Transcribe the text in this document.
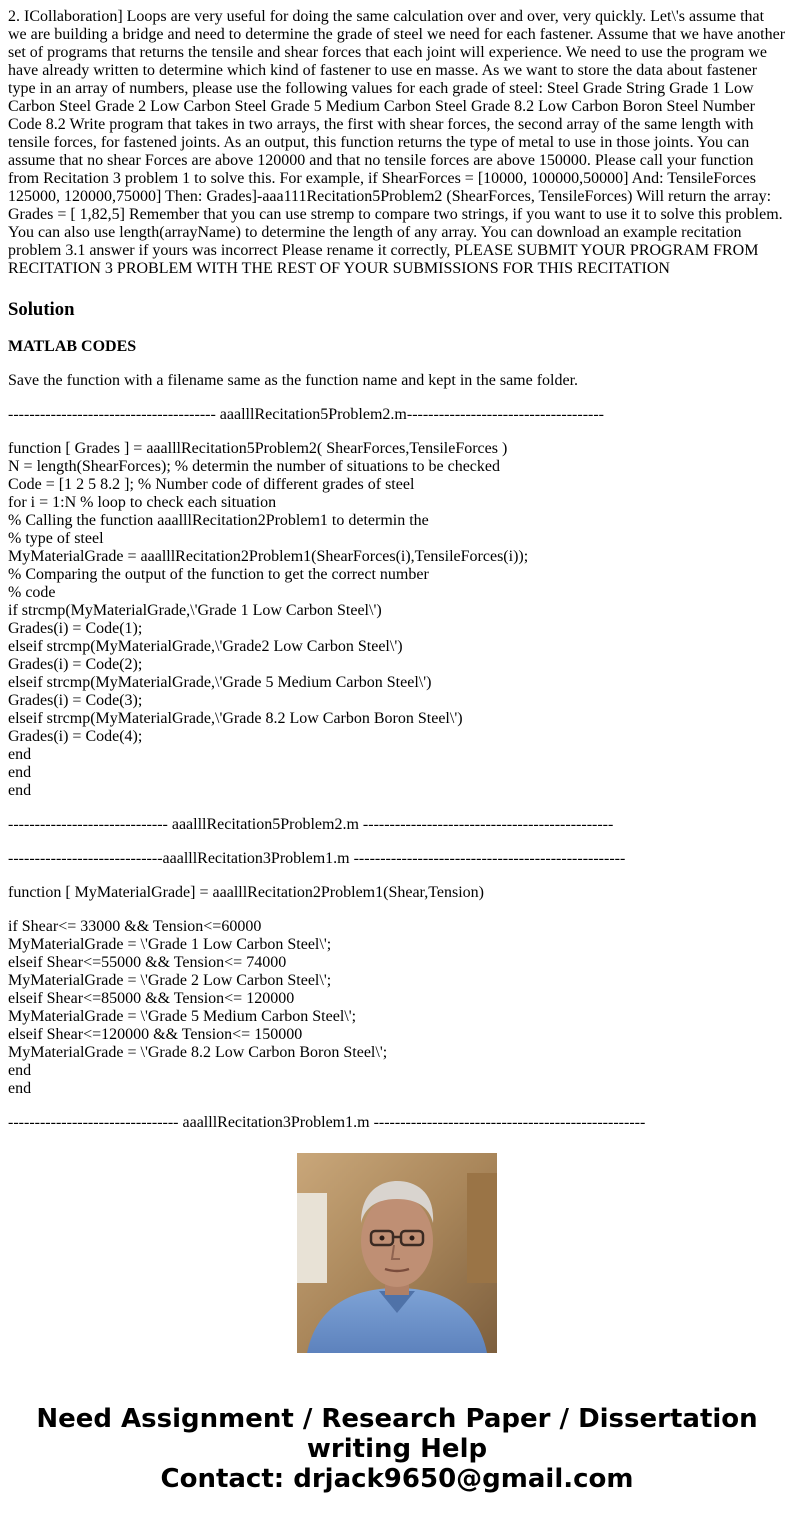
2. ICollaboration] Loops are very useful for doing the same calculation over and over, very quickly. Let\'s assume that we are building a bridge and need to determine the grade of steel we need for each fastener. Assume that we have another set of programs that returns the tensile and shear forces that each joint will experience. We need to use the program we have already written to determine which kind of fastener to use en masse. As we want to store the data about fastener type in an array of numbers, please use the following values for each grade of steel: Steel Grade String Grade 1 Low Carbon Steel Grade 2 Low Carbon Steel Grade 5 Medium Carbon Steel Grade 8.2 Low Carbon Boron Steel Number Code 8.2 Write program that takes in two arrays, the first with shear forces, the second array of the same length with tensile forces, for fastened joints. As an output, this function returns the type of metal to use in those joints. You can assume that no shear Forces are above 120000 and that no tensile forces are above 150000. Please call your function from Recitation 3 problem 1 to solve this. For example, if ShearForces = [10000, 100000,50000] And: TensileForces 125000, 120000,75000] Then: Grades]-aaa111Recitation5Problem2 (ShearForces, TensileForces) Will return the array: Grades = [ 1,82,5] Remember that you can use stremp to compare two strings, if you want to use it to solve this problem. You can also use length(arrayName) to determine the length of any array. You can download an example recitation problem 3.1 answer if yours was incorrect Please rename it correctly, PLEASE SUBMIT YOUR PROGRAM FROM RECITATION 3 PROBLEM WITH THE REST OF YOUR SUBMISSIONS FOR THIS RECITATION

Solution

MATLAB CODES

Save the function with a filename same as the function name and kept in the same folder.

--------------------------------------- aaalllRecitation5Problem2.m-------------------------------------
function [ Grades ] = aaalllRecitation5Problem2( ShearForces,TensileForces )
N = length(ShearForces); % determin the number of situations to be checked
Code = [1 2 5 8.2 ]; % Number code of different grades of steel
for i = 1:N % loop to check each situation
% Calling the function aaalllRecitation2Problem1 to determin the
% type of steel
MyMaterialGrade = aaalllRecitation2Problem1(ShearForces(i),TensileForces(i));
% Comparing the output of the function to get the correct number
% code
if strcmp(MyMaterialGrade,\'Grade 1 Low Carbon Steel\')
Grades(i) = Code(1);
elseif strcmp(MyMaterialGrade,\'Grade2 Low Carbon Steel\')
Grades(i) = Code(2);
elseif strcmp(MyMaterialGrade,\'Grade 5 Medium Carbon Steel\')
Grades(i) = Code(3);
elseif strcmp(MyMaterialGrade,\'Grade 8.2 Low Carbon Boron Steel\')
Grades(i) = Code(4);
end
end
end
------------------------------ aaalllRecitation5Problem2.m -----------------------------------------------
-----------------------------aaalllRecitation3Problem1.m ---------------------------------------------------
function [ MyMaterialGrade] = aaalllRecitation2Problem1(Shear,Tension)
if Shear<= 33000 && Tension<=60000
MyMaterialGrade = \'Grade 1 Low Carbon Steel\';
elseif Shear<=55000 && Tension<= 74000
MyMaterialGrade = \'Grade 2 Low Carbon Steel\';
elseif Shear<=85000 && Tension<= 120000
MyMaterialGrade = \'Grade 5 Medium Carbon Steel\';
elseif Shear<=120000 && Tension<= 150000
MyMaterialGrade = \'Grade 8.2 Low Carbon Boron Steel\';
end
end
-------------------------------- aaalllRecitation3Problem1.m ---------------------------------------------------
Need Assignment / Research Paper / Dissertation
writing Help
Contact: drjack9650@gmail.com
